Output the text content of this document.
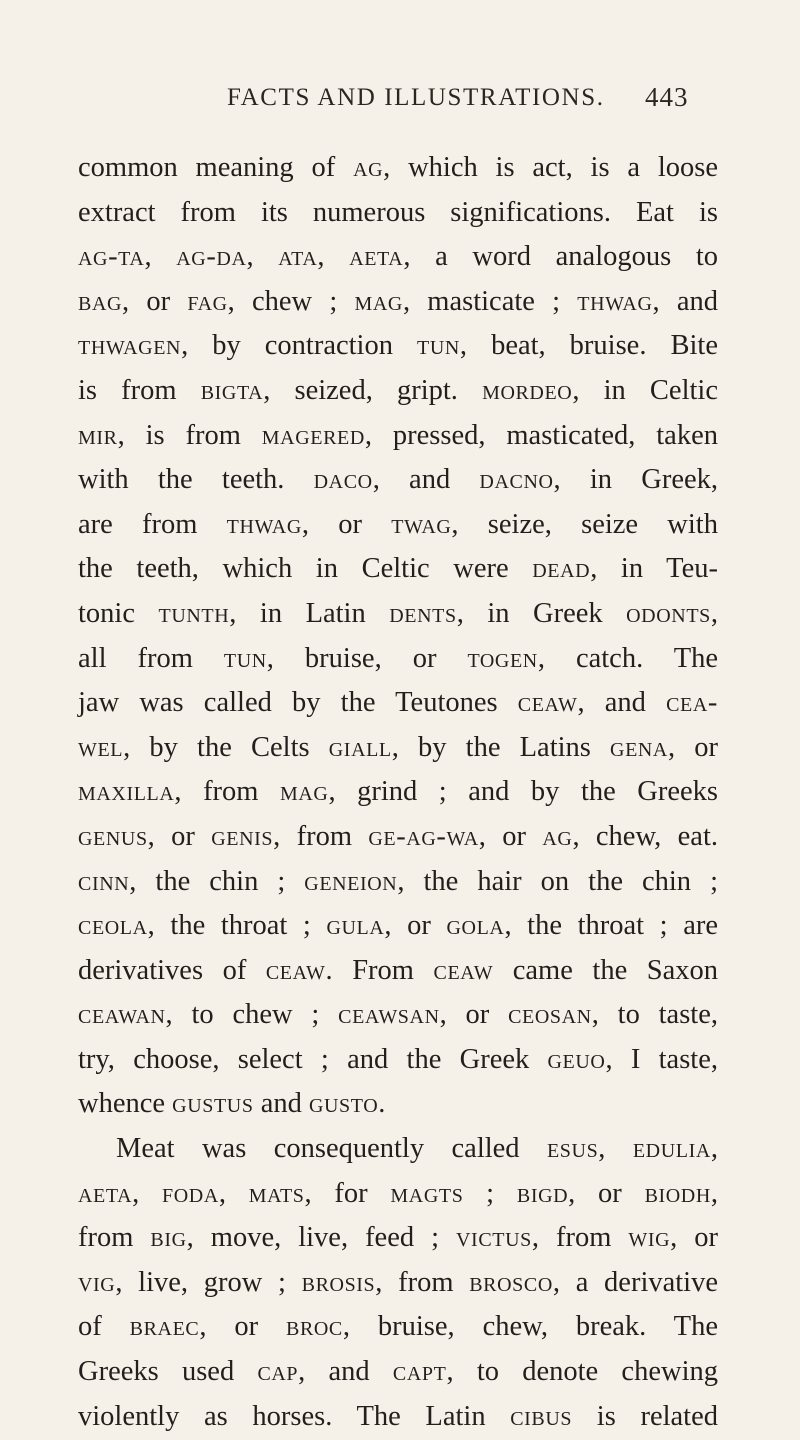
FACTS AND ILLUSTRATIONS. 443
common meaning of ag, which is act, is a loose
extract from its numerous significations. Eat is
ag-ta, ag-da, ata, aeta, a word analogous to
bag, or fag, chew ; mag, masticate ; thwag, and
thwagen, by contraction tun, beat, bruise. Bite
is from bigta, seized, gript. mordeo, in Celtic
mir, is from magered, pressed, masticated, taken
with the teeth. daco, and dacno, in Greek,
are from thwag, or twag, seize, seize with
the teeth, which in Celtic were dead, in Teu-
tonic tunth, in Latin dents, in Greek odonts,
all from tun, bruise, or togen, catch. The
jaw was called by the Teutones ceaw, and cea-
wel, by the Celts giall, by the Latins gena, or
maxilla, from mag, grind ; and by the Greeks
genus, or genis, from ge-ag-wa, or ag, chew, eat.
cinn, the chin ; geneion, the hair on the chin ;
ceola, the throat ; gula, or gola, the throat ; are
derivatives of ceaw. From ceaw came the Saxon
ceawan, to chew ; ceawsan, or ceosan, to taste,
try, choose, select ; and the Greek geuo, I taste,
whence gustus and gusto.
Meat was consequently called esus, edulia,
aeta, foda, mats, for magts ; bigd, or biodh,
from big, move, live, feed ; victus, from wig, or
vig, live, grow ; brosis, from brosco, a derivative
of braec, or broc, bruise, chew, break. The
Greeks used cap, and capt, to denote chewing
violently as horses. The Latin cibus is related
